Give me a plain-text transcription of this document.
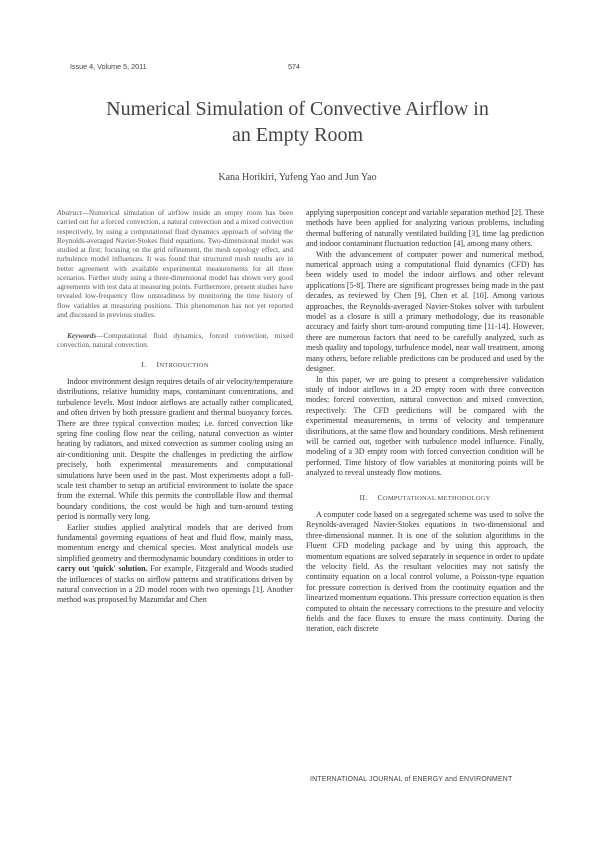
Issue 4, Volume 5, 2011	574
Numerical Simulation of Convective Airflow in
an Empty Room
Kana Horikiri, Yufeng Yao and Jun Yao

Abstract—Numerical simulation of airflow inside an empty room has been carried out for a forced convection, a natural convection and a mixed convection respectively, by using a computational fluid dynamics approach of solving the Reynolds-averaged Navier-Stokes fluid equations. Two-dimensional model was studied at first; focusing on the grid refinement, the mesh topology effect, and turbulence model influences. It was found that structured mesh results are in better agreement with available experimental measurements for all three scenarios. Further study using a three-dimensional model has shown very good agreements with test data at measuring points. Furthermore, present studies have revealed low-frequency flow unsteadiness by monitoring the time history of flow variables at measuring positions. This phenomenon has not yet reported and discussed in previous studies.

Keywords—Computational fluid dynamics, forced convection, mixed convection, natural convection.

I. INTRODUCTION

Indoor environment design requires details of air velocity/temperature distributions, relative humidity maps, contaminant concentrations, and turbulence levels. Most indoor airflows are actually rather complicated, and often driven by both pressure gradient and thermal buoyancy forces. There are three typical convection modes; i.e. forced convection like spring fine cooling flow near the ceiling, natural convection as winter heating by radiators, and mixed convection as summer cooling using an air-conditioning unit. Despite the challenges in predicting the airflow precisely, both experimental measurements and computational simulations have been used in the past. Most experiments adopt a full-scale test chamber to setup an artificial environment to isolate the space from the external. While this permits the controllable flow and thermal boundary conditions, the cost would be high and turn-around testing period is normally very long.

Earlier studies applied analytical models that are derived from fundamental governing equations of heat and fluid flow, mainly mass, momentum energy and chemical species. Most analytical models use simplified geometry and thermodynamic boundary conditions in order to carry out 'quick' solution. For example, Fitzgerald and Woods studied the influences of stacks on airflow patterns and stratifications driven by natural convection in a 2D model room with two openings [1]. Another method was proposed by Mazumdar and Chen

applying superposition concept and variable separation method [2]. These methods have been applied for analyzing various problems, including thermal buffering of naturally ventilated building [3], time lag prediction and indoor contaminant fluctuation reduction [4], among many others.

With the advancement of computer power and numerical method, numerical approach using a computational fluid dynamics (CFD) has been widely used to model the indoor airflows and other relevant applications [5-8]. There are significant progresses being made in the past decades, as reviewed by Chen [9], Chen et al. [10]. Among various approaches, the Reynolds-averaged Navier-Stokes solver with turbulent model as a closure is still a primary methodology, due its reasonable accuracy and fairly short turn-around computing time [11-14]. However, there are numerous factors that need to be carefully analyzed, such as mesh quality and topology, turbulence model, near wall treatment, among many others, before reliable predictions can be produced and used by the designer.

In this paper, we are going to present a comprehensive validation study of indoor airflows in a 2D empty room with three convection modes; forced convection, natural convection and mixed convection, respectively. The CFD predictions will be compared with the experimental measurements, in terms of velocity and temperature distributions, at the same flow and boundary conditions. Mesh refinement will be carried out, together with turbulence model influence. Finally, modeling of a 3D empty room with forced convection condition will be performed. Time history of flow variables at monitoring points will be analyzed to reveal unsteady flow motions.

II. COMPUTATIONAL METHODOLOGY

A computer code based on a segregated scheme was used to solve the Reynolds-averaged Navier-Stokes equations in two-dimensional and three-dimensional manner. It is one of the solution algorithms in the Fluent CFD modeling package and by using this approach, the momentum equations are solved separately in sequence in order to update the velocity field. As the resultant velocities may not satisfy the continuity equation on a local control volume, a Poisson-type equation for pressure correction is derived from the continuity equation and the linearized momentum equations. This pressure correction equation is then computed to obtain the necessary corrections to the pressure and velocity fields and the face fluxes to ensure the mass continuity. During the iteration, each discrete

INTERNATIONAL JOURNAL of ENERGY and ENVIRONMENT
